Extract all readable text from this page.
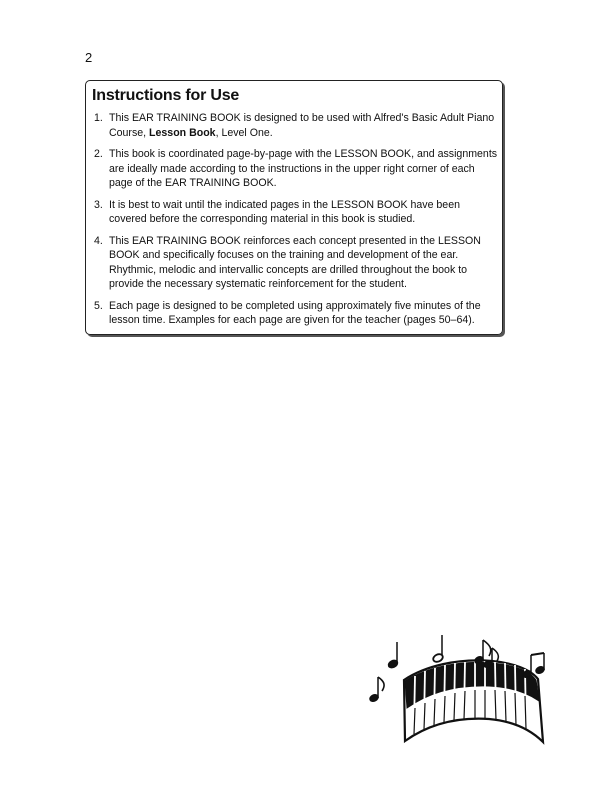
2
Instructions for Use
1. This EAR TRAINING BOOK is designed to be used with Alfred's Basic Adult Piano Course, Lesson Book, Level One.
2. This book is coordinated page-by-page with the LESSON BOOK, and assignments are ideally made according to the instructions in the upper right corner of each page of the EAR TRAINING BOOK.
3. It is best to wait until the indicated pages in the LESSON BOOK have been covered before the corresponding material in this book is studied.
4. This EAR TRAINING BOOK reinforces each concept presented in the LESSON BOOK and specifically focuses on the training and development of the ear. Rhythmic, melodic and intervallic concepts are drilled throughout the book to provide the necessary systematic reinforcement for the student.
5. Each page is designed to be completed using approximately five minutes of the lesson time. Examples for each page are given for the teacher (pages 50–64).
